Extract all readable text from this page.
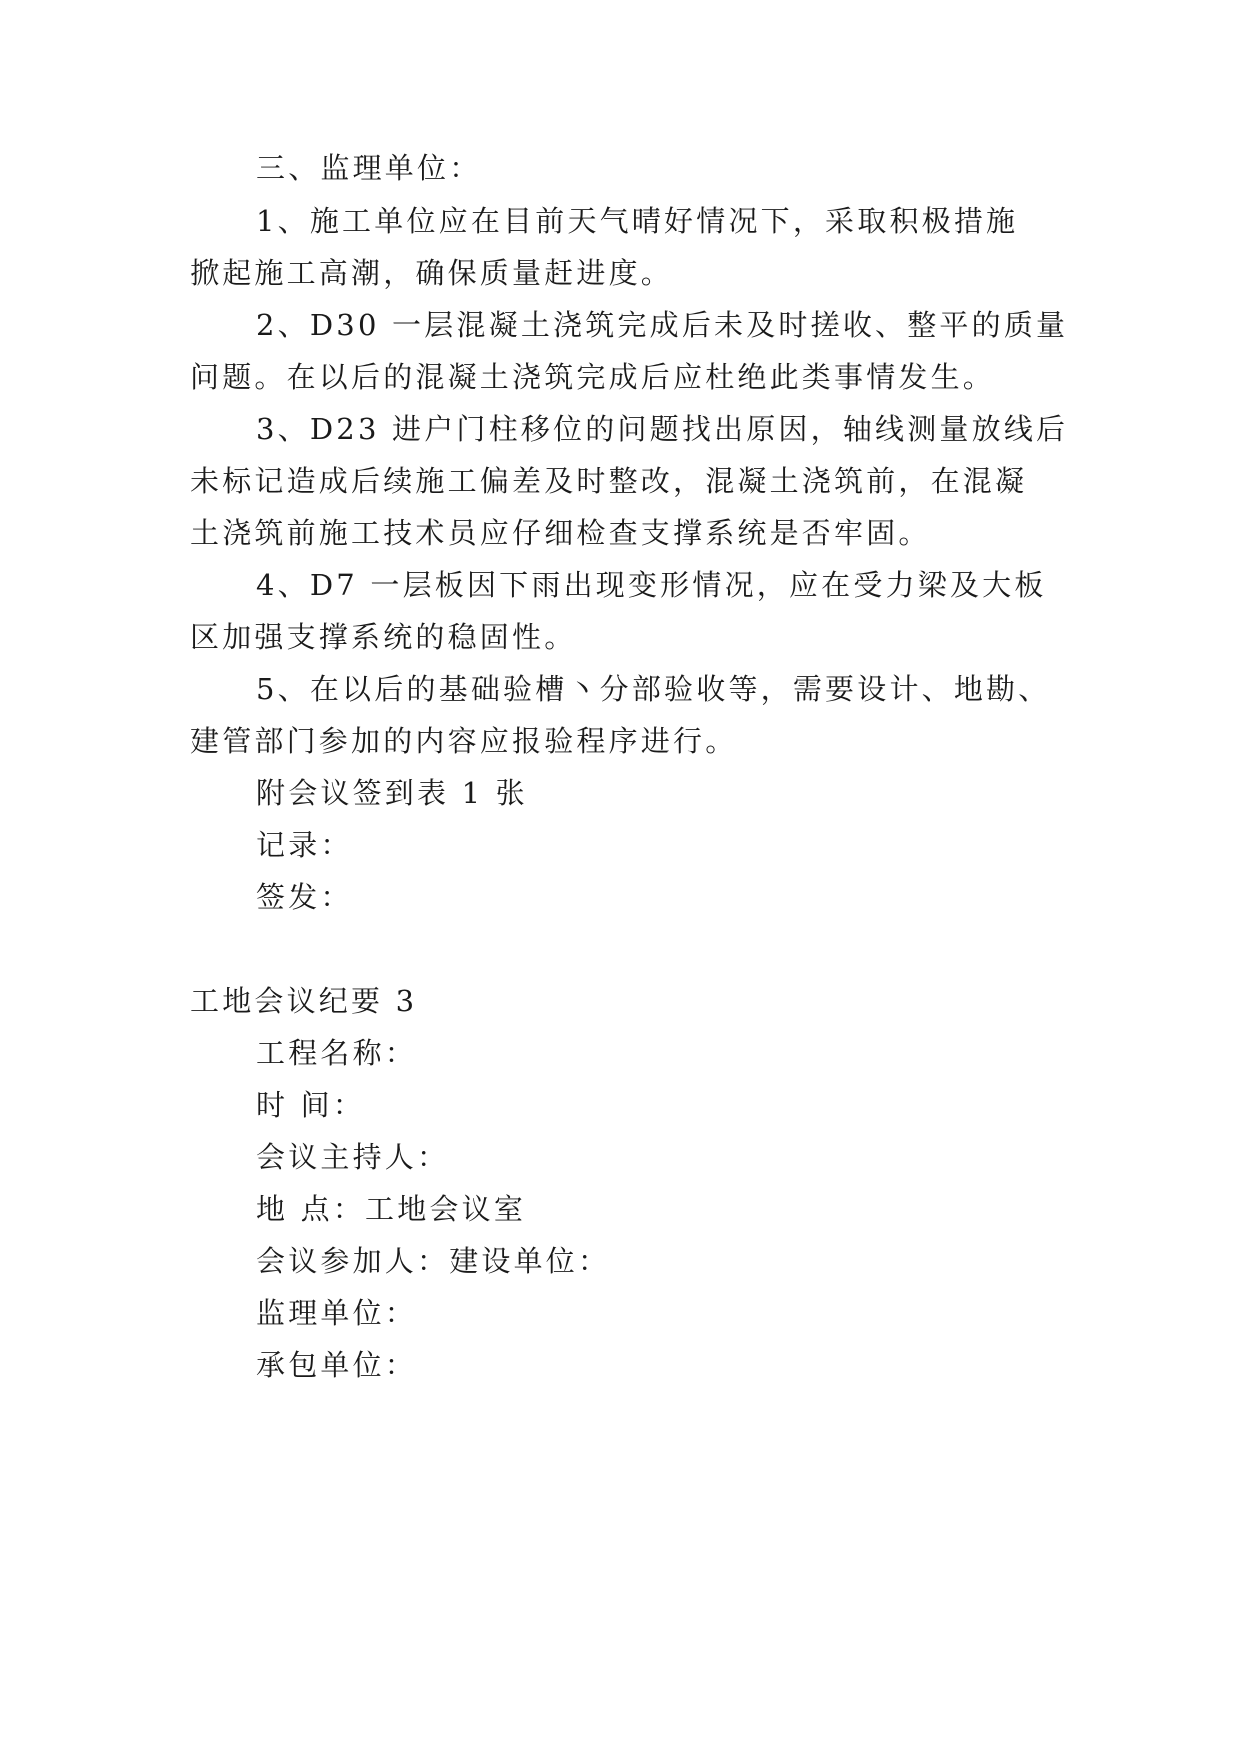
三、监理单位：
1、施工单位应在目前天气晴好情况下，采取积极措施
掀起施工高潮，确保质量赶进度。
2、D30 一层混凝土浇筑完成后未及时搓收、整平的质量
问题。在以后的混凝土浇筑完成后应杜绝此类事情发生。
3、D23 进户门柱移位的问题找出原因，轴线测量放线后
未标记造成后续施工偏差及时整改，混凝土浇筑前，在混凝
土浇筑前施工技术员应仔细检查支撑系统是否牢固。
4、D7 一层板因下雨出现变形情况，应在受力梁及大板
区加强支撑系统的稳固性。
5、在以后的基础验槽丶分部验收等，需要设计、地勘、
建管部门参加的内容应报验程序进行。
附会议签到表 1 张
记录：
签发：
工地会议纪要 3
工程名称：
时 间：
会议主持人：
地 点：工地会议室
会议参加人：建设单位：
监理单位：
承包单位：
